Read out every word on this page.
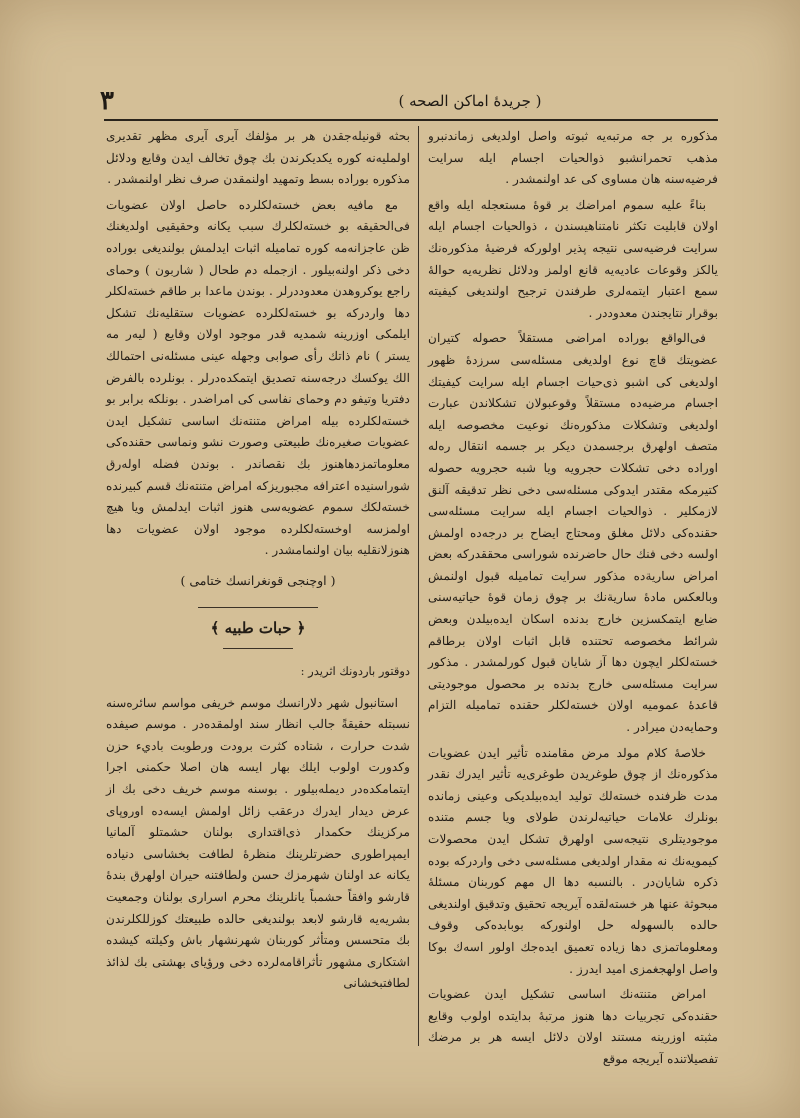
٣	( جريدهٔ اماكن الصحه )

مذكوره بر جه مرتبه‌يه ثبوته واصل اولديغى زماندنبرو مذهب تحمرانشبو ذوالحيات اجسام ايله سرايت فرضيه‌سنه هان مساوى كى عد اولنمشدر .

بناءً عليه سموم امراضك بر قوهٔ مستعجله ايله واقع اولان قابليت تكثر نامتناهيسندن ، ذوالحيات اجسام ايله سرايت فرضيه‌سى نتيجه پذير اولوركه فرضيهٔ مذكوره‌نك يالكز وقوعات عاديه‌يه قانع اولمز ودلائل نظريه‌يه حواله‌ٔ سمع اعتبار ايتمه‌لرى طرفندن ترجيح اولنديغى كيفيته بوقرار نتايجندن معدوددر .

فى‌الواقع بوراده امراضى مستقلاً حصوله كتيران عضويتك قاچ نوع اولديغى مسئله‌سى سرزدهٔ ظهور اولديغى كى اشبو ذى‌حيات اجسام ايله سرايت كيفيتك اجسام مرضيه‌ده مستقلاً وقوعبولان تشكلاندن عبارت اولديغى وتشكلات مذكوره‌نك نوعيت مخصوصه ايله متصف اولهرق برجسمدن ديكر بر جسمه انتقال ره‌له اوراده دخى تشكلات حجرويه ويا شبه حجرويه حصوله كتيرمكه مقتدر ايدوكى مسئله‌سى دخى نظر تدقيقه آلنق لازمكلير . ذوالحيات اجسام ايله سرايت مسئله‌سى حقنده‌كى دلائل مغلق ومحتاج ايضاح بر درجه‌ده اولمش اولسه دخى فنك حال حاضرنده شوراسى محققدركه بعض امراض سارية‌ده مذكور سرايت تماميله قبول اولنمش وبالعكس ماده‌ٔ سارية‌نك بر چوق زمان قوهٔ حياتيه‌سنى ضايع ايتمكسزين خارج بدنده اسكان ايده‌بيلدن وبعض شرائط مخصوصه تحتنده قابل اثبات اولان برطاقم خسته‌لكلر ايچون دها آز شايان قبول كورلمشدر . مذكور سرايت مسئله‌سى خارج بدنده بر محصول موجوديتى قاعدهٔ عموميه اولان خسته‌لكلر حقنده تماميله التزام وحمايه‌دن ميرادر .

خلاصهٔ كلام مولد مرض مقامنده تأثير ايدن عضويات مذكوره‌نك از چوق طوغريدن طوغرى‌يه تأثير ايدرك نقدر مدت ظرفنده خسته‌لك توليد ايده‌بيلديكى وعينى زمانده بونلرك علامات حياتيه‌لرندن طولاى ويا جسم متنده موجوديتلرى نتيجه‌سى اولهرق تشكل ايدن محصولات كيمويه‌نك نه مقدار اولديغى مسئله‌سى دخى واردركه بوده ذكره شايان‌در . بالنسبه دها ال مهم كوربنان مسئله‌ٔ مبحوثة عنها هر خسته‌لقده آيريجه تحقيق وتدقيق اولنديغى حالده بالسهوله حل اولنوركه بوبابده‌كى وقوف ومعلوماتمزى دها زياده تعميق ايده‌جك اولور اسه‌ك بوكا واصل اولهجغمزى اميد ايدرز .

امراض متنته‌نك اساسى تشكيل ايدن عضويات حقنده‌كى تجربيات دها هنوز مرتبهٔ بدايتده اولوب وقايع مثبته اوزرينه مستند اولان دلائل ايسه هر بر مرضك تفصيلاتنده آيريجه موقع

بحثه قونيله‌جقدن هر بر مؤلفك آيرى آيرى مظهر تقديرى اولمليه‌نه كوره يكديكرندن بك چوق تخالف ايدن وقايع ودلائل مذكوره بوراده بسط وتمهيد اولنمقدن صرف نظر اولنمشدر .

مع مافيه بعض خسته‌لكلرده حاصل اولان عضويات فى‌الحقيقه بو خسته‌لكلرك سبب يكانه وحقيقيى اولديغنك ظن عاجزانه‌مه كوره تماميله اثبات ايدلمش بولنديغى بوراده دخى ذكر اولنه‌بيلور . ازجمله دم طحال ( شاربون ) وحماى راجع يوكروهدن معدوددرلر . بوندن ماعدا بر طاقم خسته‌لكلر دها واردركه بو خسته‌لكلرده عضويات ستقليه‌نك تشكل ايلمكى اوزرينه شمديه قدر موجود اولان وقايع ( ليه‌ر مه يستر ) نام ذاتك رأى صوابى وجهله عينى مسئله‌نى احتمالك الك يوكسك درجه‌سنه تصديق ايتمكده‌درلر . بونلرده بالفرض دفتريا وتيفو دم وحماى نفاسى كى امراضدر . بونلكه برابر بو خسته‌لكلرده بيله امراض متنته‌نك اساسى تشكيل ايدن عضويات صغيره‌نك طبيعتى وصورت نشو ونماسى حقنده‌كى معلوماتمزدهاهنوز بك نقصاندر . بوندن فضله اوله‌رق شوراسنيده اعترافه مجبوريزكه امراض متنته‌نك قسم كبيرنده خسته‌لكك سموم عضويه‌سى هنوز اثبات ايدلمش ويا هيچ اولمزسه اوخسته‌لكلرده موجود اولان عضويات دها هنوزلانقليه بيان اولنمامشدر .

( اوچنجى قونغرانسك ختامى )
﴿ حبات طبيه ﴾
دوقتور باردونك اثريدر :

استانبول شهر دلارانسك موسم خريفى مواسم سائره‌سنه نسبتله حقيقةً جالب انظار سند اولمقده‌در . موسم صيفده شدت حرارت ، شتاده كثرت برودت ورطوبت باديء حزن وكدورت اولوب ايلك بهار ايسه هان اصلا حكمنى اجرا ايتمامكده‌در ديمله‌بيلور . بوسنه موسم خريف دخى بك از عرض ديدار ايدرك درعقب زائل اولمش ايسه‌ده اوروپاى مركزينك حكمدار ذى‌اقتدارى بولنان حشمتلو آلمانيا ايمپراطورى حضرتلرينك منظرهٔ لطافت بخشاسى دنياده يكانه عد اولنان شهرمزك حسن ولطافتنه حيران اولهرق بندهٔ قارشو وافقاً حشمباً يانلرينك محرم اسرارى بولنان وجمعيت بشريه‌يه قارشو لابعد بولنديغى حالده طبيعتك كوزللكلرندن بك متحسس ومتأثر كوربنان شهرنشهار باش وكيلته كيشده اشتكارى مشهور تأثراقامه‌لرده دخى ورؤياى بهشتى بك لذائذ لطافتبخشانى
